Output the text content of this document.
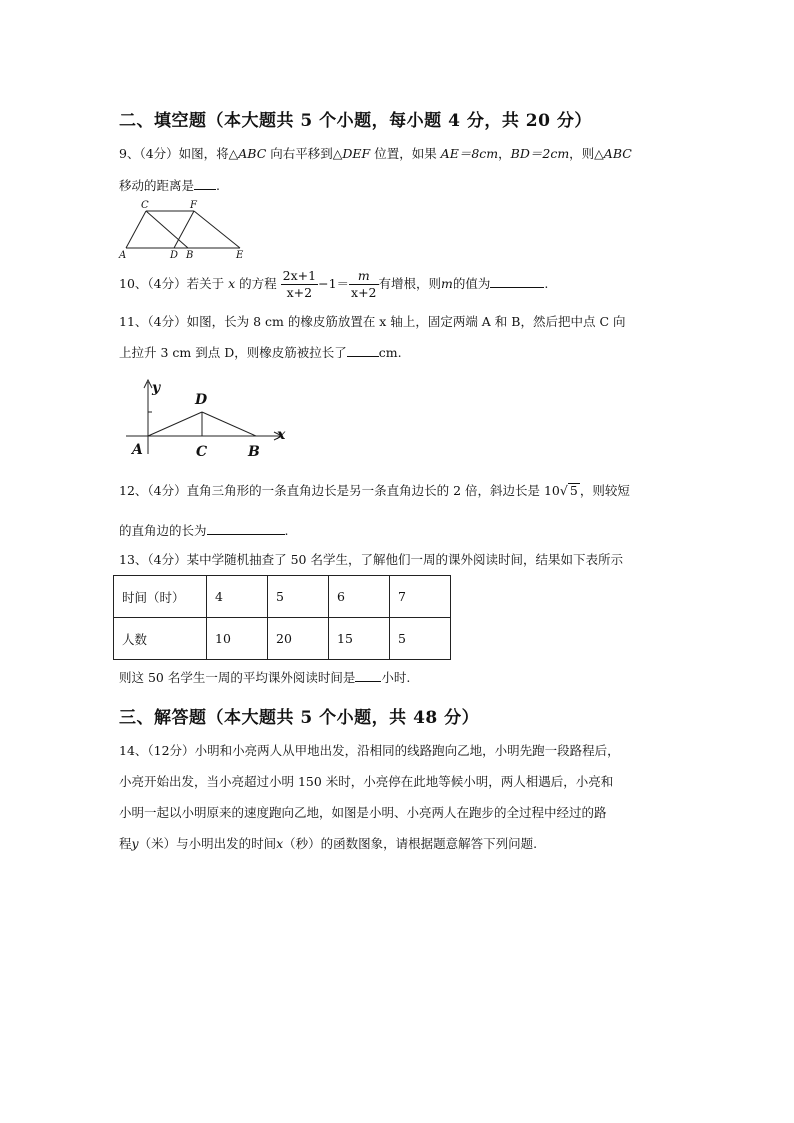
二、填空题（本大题共 5 个小题，每小题 4 分，共 20 分）
9、（4分）如图，将△ABC 向右平移到△DEF 位置，如果 AE＝8cm，BD＝2cm，则△ABC
移动的距离是 .
C	F
A	D B	E
10、（4分）若关于 x 的方程 $\frac{2x+1}{x+2} -1= \frac{m}{x+2}$ 有增根，则m的值为	.
11、（4分）如图，长为 8 cm 的橡皮筋放置在 x 轴上，固定两端 A 和 B，然后把中点 C 向
上拉升 3 cm 到点 D，则橡皮筋被拉长了	cm.
y
D
x
A	C	B
12、（4分）直角三角形的一条直角边长是另一条直角边长的 2 倍，斜边长是 10√ 5 ，则较短
的直角边的长为	.
13、（4分）某中学随机抽查了 50 名学生，了解他们一周的课外阅读时间，结果如下表所示
时间（时）	4	5	6	7
人数	10	20	15	5
则这 50 名学生一周的平均课外阅读时间是 小时.
三、解答题（本大题共 5 个小题，共 48 分）
14、（12分）小明和小亮两人从甲地出发，沿相同的线路跑向乙地，小明先跑一段路程后，
小亮开始出发，当小亮超过小明 150 米时，小亮停在此地等候小明，两人相遇后，小亮和
小明一起以小明原来的速度跑向乙地，如图是小明、小亮两人在跑步的全过程中经过的路
程y（米）与小明出发的时间x（秒）的函数图象，请根据题意解答下列问题.
